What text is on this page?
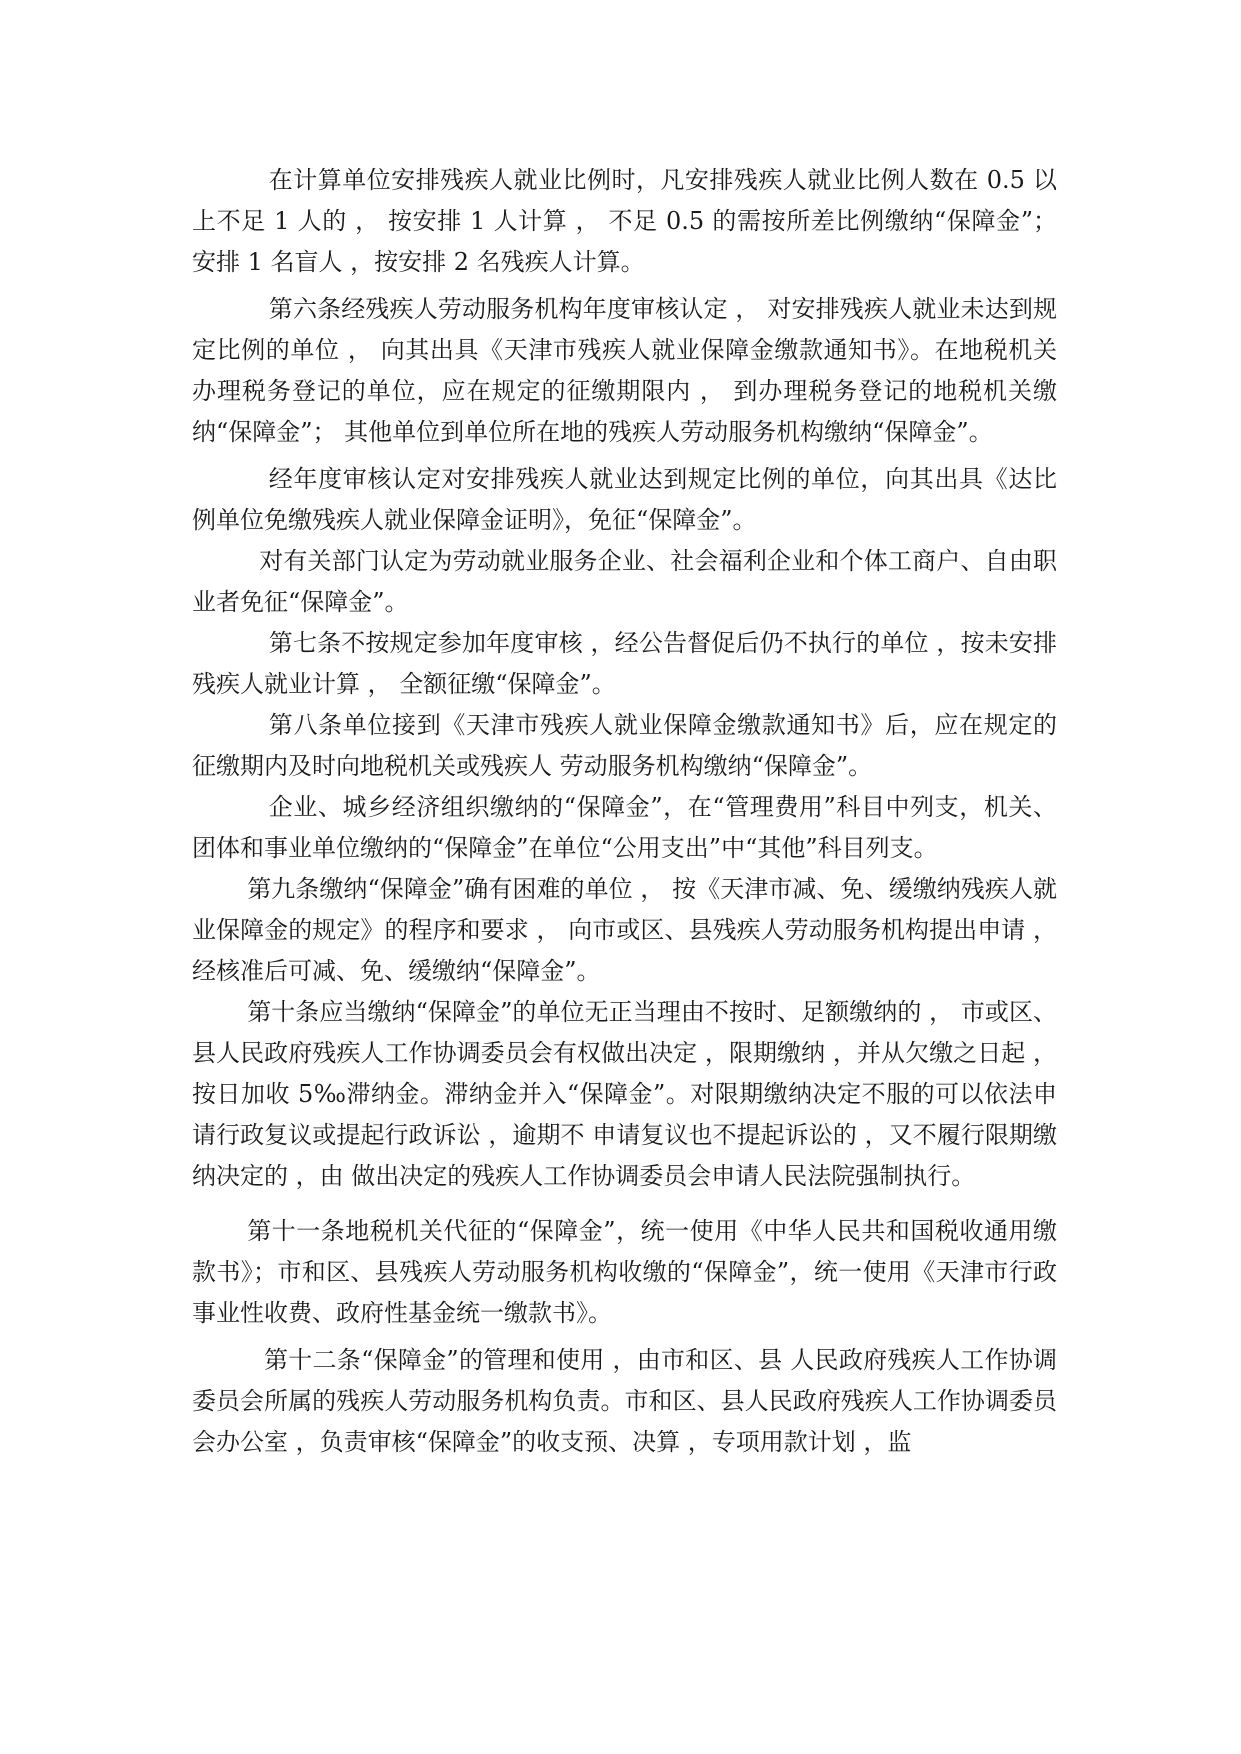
在计算单位安排残疾人就业比例时，凡安排残疾人就业比例人数在 0.5 以上不足 1 人的 ， 按安排 1 人计算 ， 不足 0.5 的需按所差比例缴纳“保障金”； 安排 1 名盲人 ，按安排 2 名残疾人计算。

第六条经残疾人劳动服务机构年度审核认定 ， 对安排残疾人就业未达到规定比例的单位 ， 向其出具《天津市残疾人就业保障金缴款通知书》。在地税机关办理税务登记的单位，应在规定的征缴期限内 ， 到办理税务登记的地税机关缴纳“保障金”； 其他单位到单位所在地的残疾人劳动服务机构缴纳“保障金”。

经年度审核认定对安排残疾人就业达到规定比例的单位，向其出具《达比例单位免缴残疾人就业保障金证明》，免征“保障金”。

对有关部门认定为劳动就业服务企业、社会福利企业和个体工商户、自由职业者免征“保障金”。

第七条不按规定参加年度审核 ，经公告督促后仍不执行的单位 ，按未安排残疾人就业计算 ， 全额征缴“保障金”。

第八条单位接到《天津市残疾人就业保障金缴款通知书》后，应在规定的征缴期内及时向地税机关或残疾人 劳动服务机构缴纳“保障金”。

企业、城乡经济组织缴纳的“保障金”，在“管理费用”科目中列支，机关、团体和事业单位缴纳的“保障金”在单位“公用支出”中“其他”科目列支。

第九条缴纳“保障金”确有困难的单位 ， 按《天津市减、免、缓缴纳残疾人就业保障金的规定》的程序和要求 ， 向市或区、县残疾人劳动服务机构提出申请 ， 经核准后可减、免、缓缴纳“保障金”。

第十条应当缴纳“保障金”的单位无正当理由不按时、足额缴纳的 ， 市或区、县人民政府残疾人工作协调委员会有权做出决定 ，限期缴纳 ，并从欠缴之日起 ， 按日加收 5‰滞纳金。滞纳金并入“保障金”。对限期缴纳决定不服的可以依法申请行政复议或提起行政诉讼 ，逾期不 申请复议也不提起诉讼的 ，又不履行限期缴纳决定的 ，由 做出决定的残疾人工作协调委员会申请人民法院强制执行。

第十一条地税机关代征的“保障金”，统一使用《中华人民共和国税收通用缴款书》；市和区、县残疾人劳动服务机构收缴的“保障金”，统一使用《天津市行政事业性收费、政府性基金统一缴款书》。

第十二条“保障金”的管理和使用 ，由市和区、县 人民政府残疾人工作协调委员会所属的残疾人劳动服务机构负责。市和区、县人民政府残疾人工作协调委员会办公室 ，负责审核“保障金”的收支预、决算 ，专项用款计划 ，监
